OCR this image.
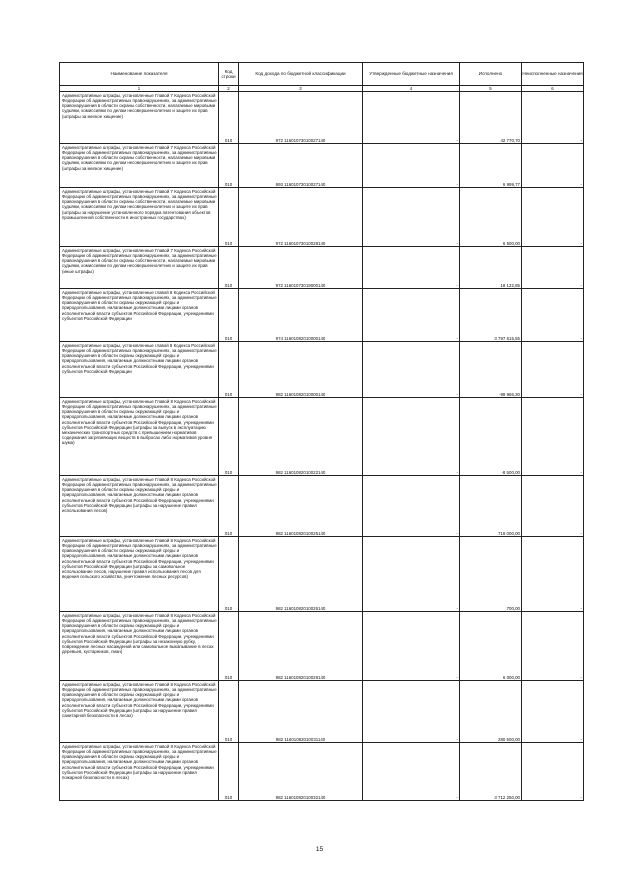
Наименование показателя	Код строки	Код дохода по бюджетной классификации	Утвержденные бюджетные назначения	Исполнено	Неисполненные назначения
1	2	3	4	5	6

Административные штрафы, установленные Главой 7 Кодекса Российской Федерации об административных правонарушениях, за административные правонарушения в области охраны собственности, налагаемые мировыми судьями, комиссиями по делам несовершеннолетних и защите их прав (штрафы за мелкое хищение)	010	972 11601073010027140	-	42 770,70	-

Административные штрафы, установленные Главой 7 Кодекса Российской Федерации об административных правонарушениях, за административные правонарушения в области охраны собственности, налагаемые мировыми судьями, комиссиями по делам несовершеннолетних и защите их прав (штрафы за мелкое хищение)	010	993 11601073010027140	-	6 999,77	-

Административные штрафы, установленные Главой 7 Кодекса Российской Федерации об административных правонарушениях, за административные правонарушения в области охраны собственности, налагаемые мировыми судьями, комиссиями по делам несовершеннолетних и защите их прав (штрафы за нарушение установленного порядка патентования объектов промышленной собственности в иностранных государствах)	010	972 11601073010028140	-	6 500,00	-

Административные штрафы, установленные Главой 7 Кодекса Российской Федерации об административных правонарушениях, за административные правонарушения в области охраны собственности, налагаемые мировыми судьями, комиссиями по делам несовершеннолетних и защите их прав (иные штрафы)	010	972 11601073019000140	-	18 122,85	-

Административные штрафы, установленные главой 8 Кодекса Российской Федерации об административных правонарушениях, за административные правонарушения в области охраны окружающей среды и природопользования, налагаемые должностными лицами органов исполнительной власти субъектов Российской Федерации, учреждениями субъектов Российской Федерации	010	974 11601082010000140	-	3 797 615,55	-

Административные штрафы, установленные главой 8 Кодекса Российской Федерации об административных правонарушениях, за административные правонарушения в области охраны окружающей среды и природопользования, налагаемые должностными лицами органов исполнительной власти субъектов Российской Федерации, учреждениями субъектов Российской Федерации	010	982 11601082010000140	-	-99 966,30	-

Административные штрафы, установленные Главой 8 Кодекса Российской Федерации об административных правонарушениях, за административные правонарушения в области охраны окружающей среды и природопользования, налагаемые должностными лицами органов исполнительной власти субъектов Российской Федерации, учреждениями субъектов Российской Федерации (штрафы за выпуск в эксплуатацию механических транспортных средств с превышением нормативов содержания загрязняющих веществ в выбросах либо нормативов уровня шума)	010	982 11601082010022140	-	-8 500,00	-

Административные штрафы, установленные Главой 8 Кодекса Российской Федерации об административных правонарушениях, за административные правонарушения в области охраны окружающей среды и природопользования, налагаемые должностными лицами органов исполнительной власти субъектов Российской Федерации, учреждениями субъектов Российской Федерации (штрафы за нарушение правил использования лесов)	010	982 11601082010025140	-	716 000,00	-

Административные штрафы, установленные Главой 8 Кодекса Российской Федерации об административных правонарушениях, за административные правонарушения в области охраны окружающей среды и природопользования, налагаемые должностными лицами органов исполнительной власти субъектов Российской Федерации, учреждениями субъектов Российской Федерации (штрафы за самовольное использование лесов, нарушение правил использования лесов для ведения сельского хозяйства, уничтожение лесных ресурсов)	010	982 11601082010026140	-	700,00	-

Административные штрафы, установленные Главой 8 Кодекса Российской Федерации об административных правонарушениях, за административные правонарушения в области охраны окружающей среды и природопользования, налагаемые должностными лицами органов исполнительной власти субъектов Российской Федерации, учреждениями субъектов Российской Федерации (штрафы за незаконную рубку, повреждение лесных насаждений или самовольное выкапывание в лесах деревьев, кустарников, лиан)	010	982 11601082010028140	-	6 000,00	-

Административные штрафы, установленные Главой 8 Кодекса Российской Федерации об административных правонарушениях, за административные правонарушения в области охраны окружающей среды и природопользования, налагаемые должностными лицами органов исполнительной власти субъектов Российской Федерации, учреждениями субъектов Российской Федерации (штрафы за нарушение правил санитарной безопасности в лесах)	010	982 11601082010031140	-	280 500,00	-

Административные штрафы, установленные Главой 8 Кодекса Российской Федерации об административных правонарушениях, за административные правонарушения в области охраны окружающей среды и природопользования, налагаемые должностными лицами органов исполнительной власти субъектов Российской Федерации, учреждениями субъектов Российской Федерации (штрафы за нарушение правил пожарной безопасности в лесах)	010	982 11601082010032140	-	3 712 250,00	-
15
